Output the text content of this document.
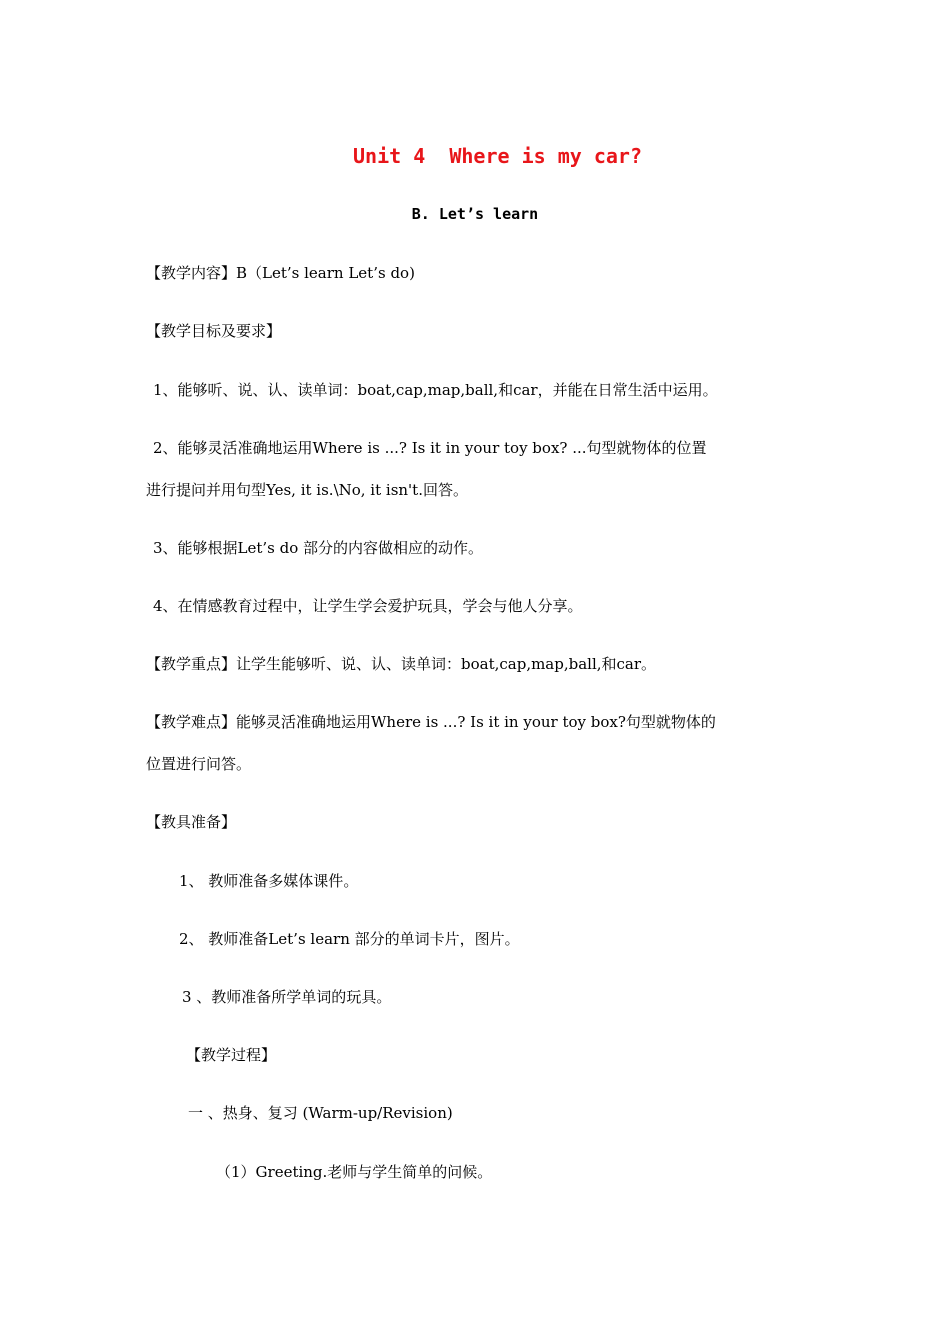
Unit 4  Where is my car?
B. Let’s learn
【教学内容】B（Let’s learn Let’s do)
【教学目标及要求】
1、能够听、说、认、读单词：boat,cap,map,ball,和car，并能在日常生活中运用。
2、能够灵活准确地运用Where is ...? Is it in your toy box? ...句型就物体的位置
进行提问并用句型Yes, it is.\No, it isn't.回答。
3、能够根据Let’s do 部分的内容做相应的动作。
4、在情感教育过程中，让学生学会爱护玩具，学会与他人分享。
【教学重点】让学生能够听、说、认、读单词：boat,cap,map,ball,和car。
【教学难点】能够灵活准确地运用Where is ...? Is it in your toy box?句型就物体的
位置进行问答。
【教具准备】
1、 教师准备多媒体课件。
2、 教师准备Let’s learn 部分的单词卡片，图片。
3 、教师准备所学单词的玩具。
【教学过程】
一 、热身、复习 (Warm-up/Revision)
（1）Greeting.老师与学生简单的问候。
